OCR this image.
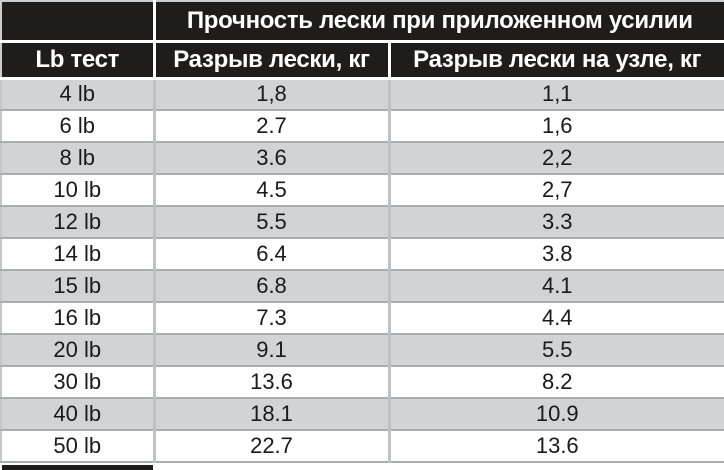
	Прочность лески при приложенном усилии	
Lb тест	Разрыв лески, кг	Разрыв лески на узле, кг
4 lb	1,8	1,1
6 lb	2.7	1,6
8 lb	3.6	2,2
10 lb	4.5	2,7
12 lb	5.5	3.3
14 lb	6.4	3.8
15 lb	6.8	4.1
16 lb	7.3	4.4
20 lb	9.1	5.5
30 lb	13.6	8.2
40 lb	18.1	10.9
50 lb	22.7	13.6
